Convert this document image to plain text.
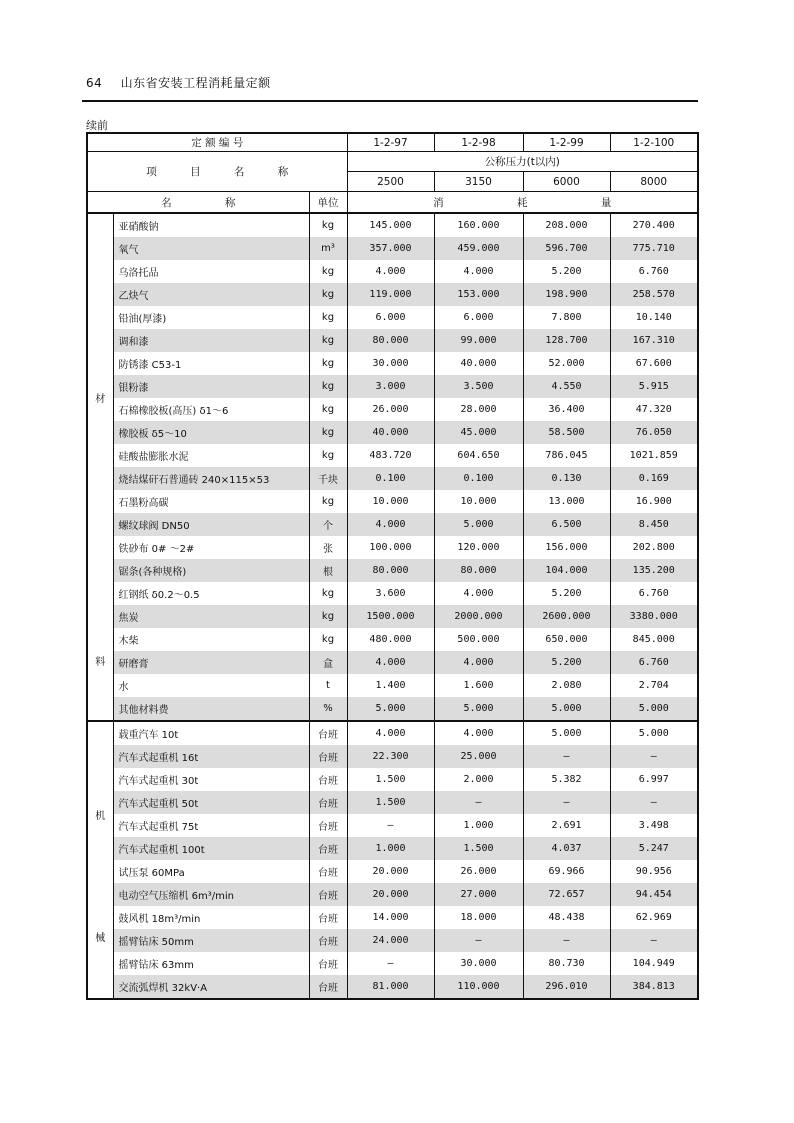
64 山东省安装工程消耗量定额
续前
定 额 编 号			1-2-97	1-2-98	1-2-99	1-2-100
项 目 名 称			公称压力(t以内)			
			2500	3150	6000	8000
名 称		单位	消 耗 量			

材
料	亚硝酸钠	kg	145.000	160.000	208.000	270.400
	氧气	m³	357.000	459.000	596.700	775.710
	乌洛托品	kg	4.000	4.000	5.200	6.760
	乙炔气	kg	119.000	153.000	198.900	258.570
	铅油(厚漆)	kg	6.000	6.000	7.800	10.140
	调和漆	kg	80.000	99.000	128.700	167.310
	防锈漆 C53-1	kg	30.000	40.000	52.000	67.600
	银粉漆	kg	3.000	3.500	4.550	5.915
	石棉橡胶板(高压) δ1～6	kg	26.000	28.000	36.400	47.320
	橡胶板 δ5～10	kg	40.000	45.000	58.500	76.050
	硅酸盐膨胀水泥	kg	483.720	604.650	786.045	1021.859
	烧结煤矸石普通砖 240×115×53	千块	0.100	0.100	0.130	0.169
	石墨粉高碳	kg	10.000	10.000	13.000	16.900
	螺纹球阀 DN50	个	4.000	5.000	6.500	8.450
	铁砂布 0# ～2#	张	100.000	120.000	156.000	202.800
	锯条(各种规格)	根	80.000	80.000	104.000	135.200
	红钢纸 δ0.2～0.5	kg	3.600	4.000	5.200	6.760
	焦炭	kg	1500.000	2000.000	2600.000	3380.000
	木柴	kg	480.000	500.000	650.000	845.000
	研磨膏	盒	4.000	4.000	5.200	6.760
	水	t	1.400	1.600	2.080	2.704
	其他材料费	%	5.000	5.000	5.000	5.000

机
械	载重汽车 10t	台班	4.000	4.000	5.000	5.000
	汽车式起重机 16t	台班	22.300	25.000	—	—
	汽车式起重机 30t	台班	1.500	2.000	5.382	6.997
	汽车式起重机 50t	台班	1.500	—	—	—
	汽车式起重机 75t	台班	—	1.000	2.691	3.498
	汽车式起重机 100t	台班	1.000	1.500	4.037	5.247
	试压泵 60MPa	台班	20.000	26.000	69.966	90.956
	电动空气压缩机 6m³/min	台班	20.000	27.000	72.657	94.454
	鼓风机 18m³/min	台班	14.000	18.000	48.438	62.969
	摇臂钻床 50mm	台班	24.000	—	—	—
	摇臂钻床 63mm	台班	—	30.000	80.730	104.949
	交流弧焊机 32kV·A	台班	81.000	110.000	296.010	384.813
